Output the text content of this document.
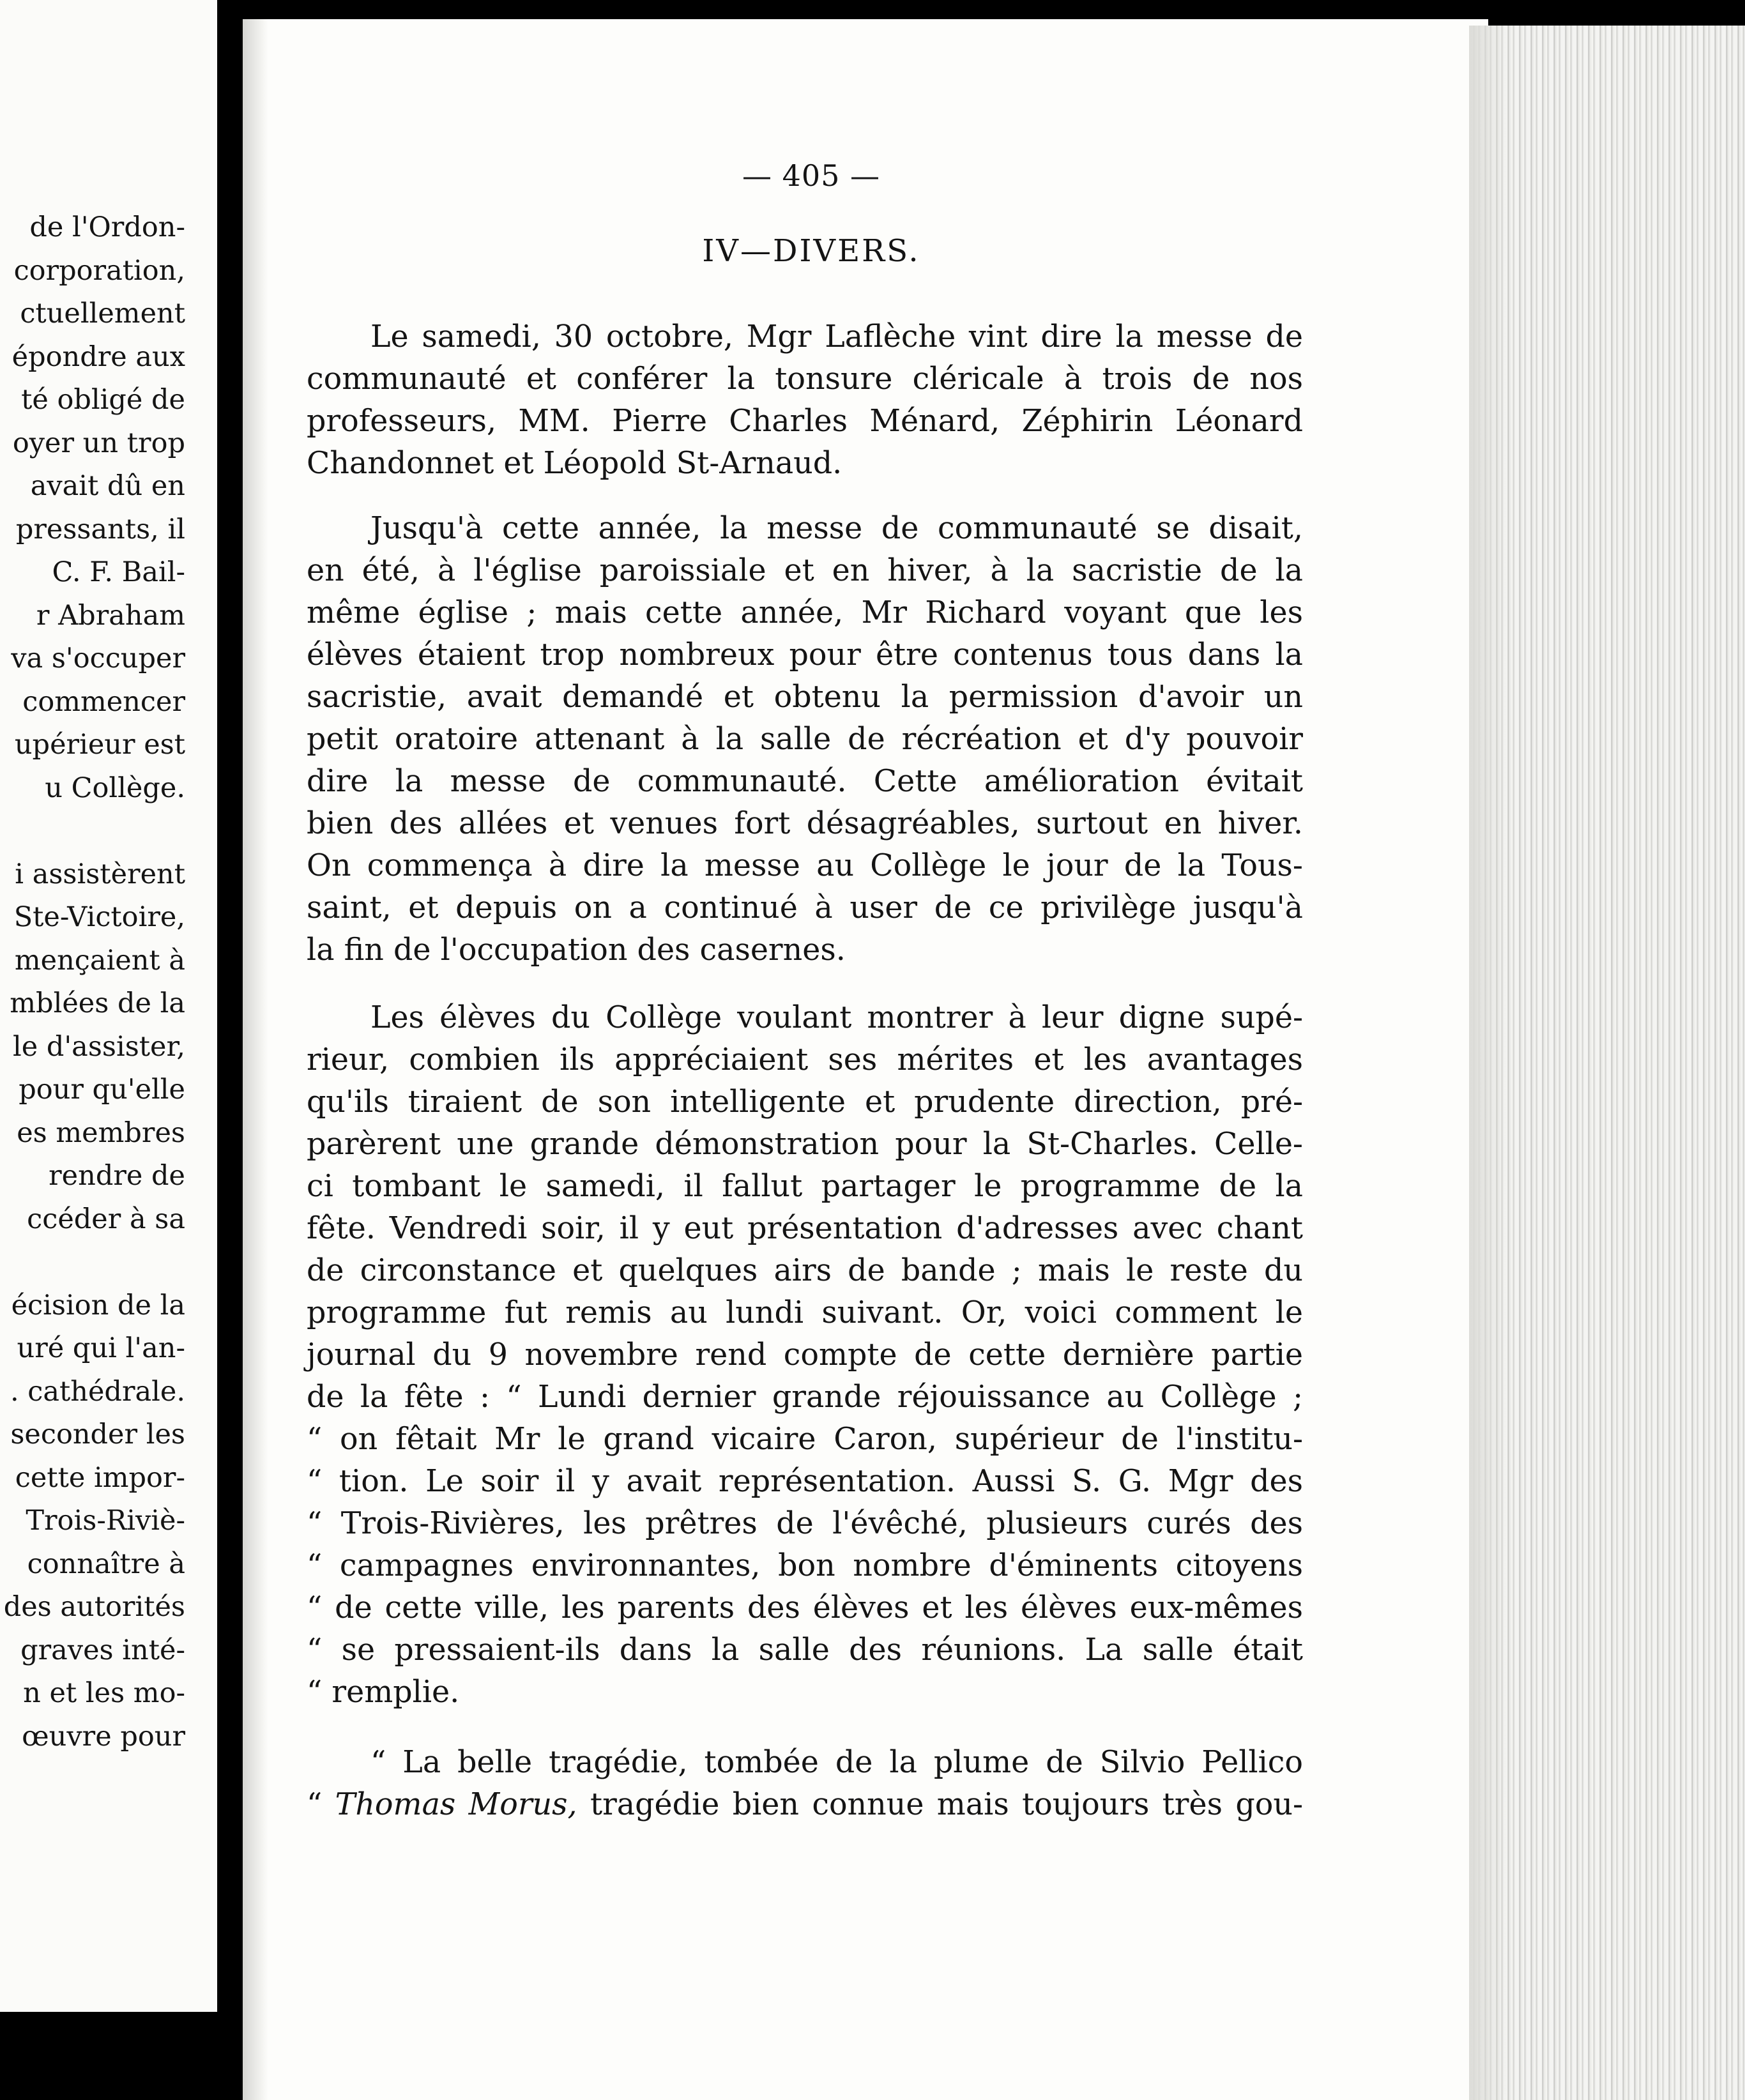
de l'Ordon-
corporation,
ctuellement
épondre aux
té obligé de
oyer un trop
avait dû en
pressants, il
C. F. Bail-
r Abraham
va s'occuper
commencer
upérieur est
u Collège.
i assistèrent
Ste-Victoire,
mençaient à
mblées de la
le d'assister,
pour qu'elle
es membres
rendre de
ccéder à sa
écision de la
uré qui l'an-
. cathédrale.
seconder les
cette impor-
Trois-Riviè-
connaître à
des autorités
graves inté-
n et les mo-
œuvre pour
— 405 —
IV—DIVERS.
Le samedi, 30 octobre, Mgr Laflèche vint dire la messe de
communauté et conférer la tonsure cléricale à trois de nos
professeurs, MM. Pierre Charles Ménard, Zéphirin Léonard
Chandonnet et Léopold St-Arnaud.
Jusqu'à cette année, la messe de communauté se disait,
en été, à l'église paroissiale et en hiver, à la sacristie de la
même église ; mais cette année, Mr Richard voyant que les
élèves étaient trop nombreux pour être contenus tous dans la
sacristie, avait demandé et obtenu la permission d'avoir un
petit oratoire attenant à la salle de récréation et d'y pouvoir
dire la messe de communauté. Cette amélioration évitait
bien des allées et venues fort désagréables, surtout en hiver.
On commença à dire la messe au Collège le jour de la Tous-
saint, et depuis on a continué à user de ce privilège jusqu'à
la fin de l'occupation des casernes.
Les élèves du Collège voulant montrer à leur digne supé-
rieur, combien ils appréciaient ses mérites et les avantages
qu'ils tiraient de son intelligente et prudente direction, pré-
parèrent une grande démonstration pour la St-Charles. Celle-
ci tombant le samedi, il fallut partager le programme de la
fête. Vendredi soir, il y eut présentation d'adresses avec chant
de circonstance et quelques airs de bande ; mais le reste du
programme fut remis au lundi suivant. Or, voici comment le
journal du 9 novembre rend compte de cette dernière partie
de la fête : “ Lundi dernier grande réjouissance au Collège ;
“ on fêtait Mr le grand vicaire Caron, supérieur de l'institu-
“ tion. Le soir il y avait représentation. Aussi S. G. Mgr des
“ Trois-Rivières, les prêtres de l'évêché, plusieurs curés des
“ campagnes environnantes, bon nombre d'éminents citoyens
“ de cette ville, les parents des élèves et les élèves eux-mêmes
“ se pressaient-ils dans la salle des réunions. La salle était
“ remplie.
“ La belle tragédie, tombée de la plume de Silvio Pellico
“ Thomas Morus, tragédie bien connue mais toujours très gou-
